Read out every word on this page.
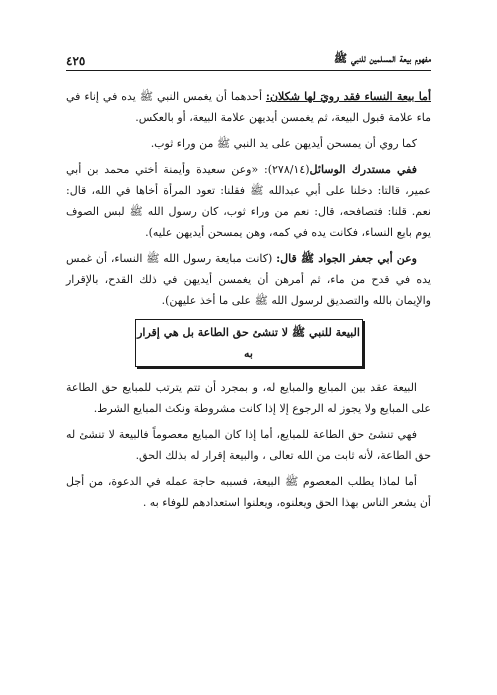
مفهوم بيعة المسلمين للنبي ﷺ
٤٢٥

أما بيعة النساء فقد رويَ لها شكلان: أحدهما أن يغمس النبي ﷺ يده في إناء في ماء علامة قبول البيعة، ثم يغمسن أيديهن علامة البيعة، أو بالعكس.

كما روي أن يمسحن أيديهن على يد النبي ﷺ من وراء ثوب.

ففي مستدرك الوسائل(٢٧٨/١٤): «وعن سعيدة وأيمنة أختي محمد بن أبي عمير، قالتا: دخلنا على أبي عبدالله ﷺ فقلنا: تعود المرأة أخاها في الله، قال: نعم. قلنا: فتصافحه، قال: نعم من وراء ثوب، كان رسول الله ﷺ لبس الصوف يوم بايع النساء، فكانت يده في كمه، وهن يمسحن أيديهن عليه).

وعن أبي جعفر الجواد ﷺ قال: (كانت مبايعة رسول الله ﷺ النساء، أن غمس يده في قدح من ماء، ثم أمرهن أن يغمسن أيديهن في ذلك القدح، بالإقرار والإيمان بالله والتصديق لرسول الله ﷺ على ما أخذ عليهن).

البيعة للنبي ﷺ لا تنشئ حق الطاعة بل هي إقرار به

البيعة عقد بين المبايع والمبايع له، و بمجرد أن تتم يترتب للمبايع حق الطاعة على المبايع ولا يجوز له الرجوع إلا إذا كانت مشروطة ونكث المبايع الشرط.

فهي تنشئ حق الطاعة للمبايع، أما إذا كان المبايع معصوماً فالبيعة لا تنشئ له حق الطاعة، لأنه ثابت من الله تعالى ، والبيعة إقرار له بذلك الحق.

أما لماذا يطلب المعصوم ﷺ البيعة، فسببه حاجة عمله في الدعوة، من أجل أن يشعر الناس بهذا الحق ويعلنوه، ويعلنوا استعدادهم للوفاء به .
